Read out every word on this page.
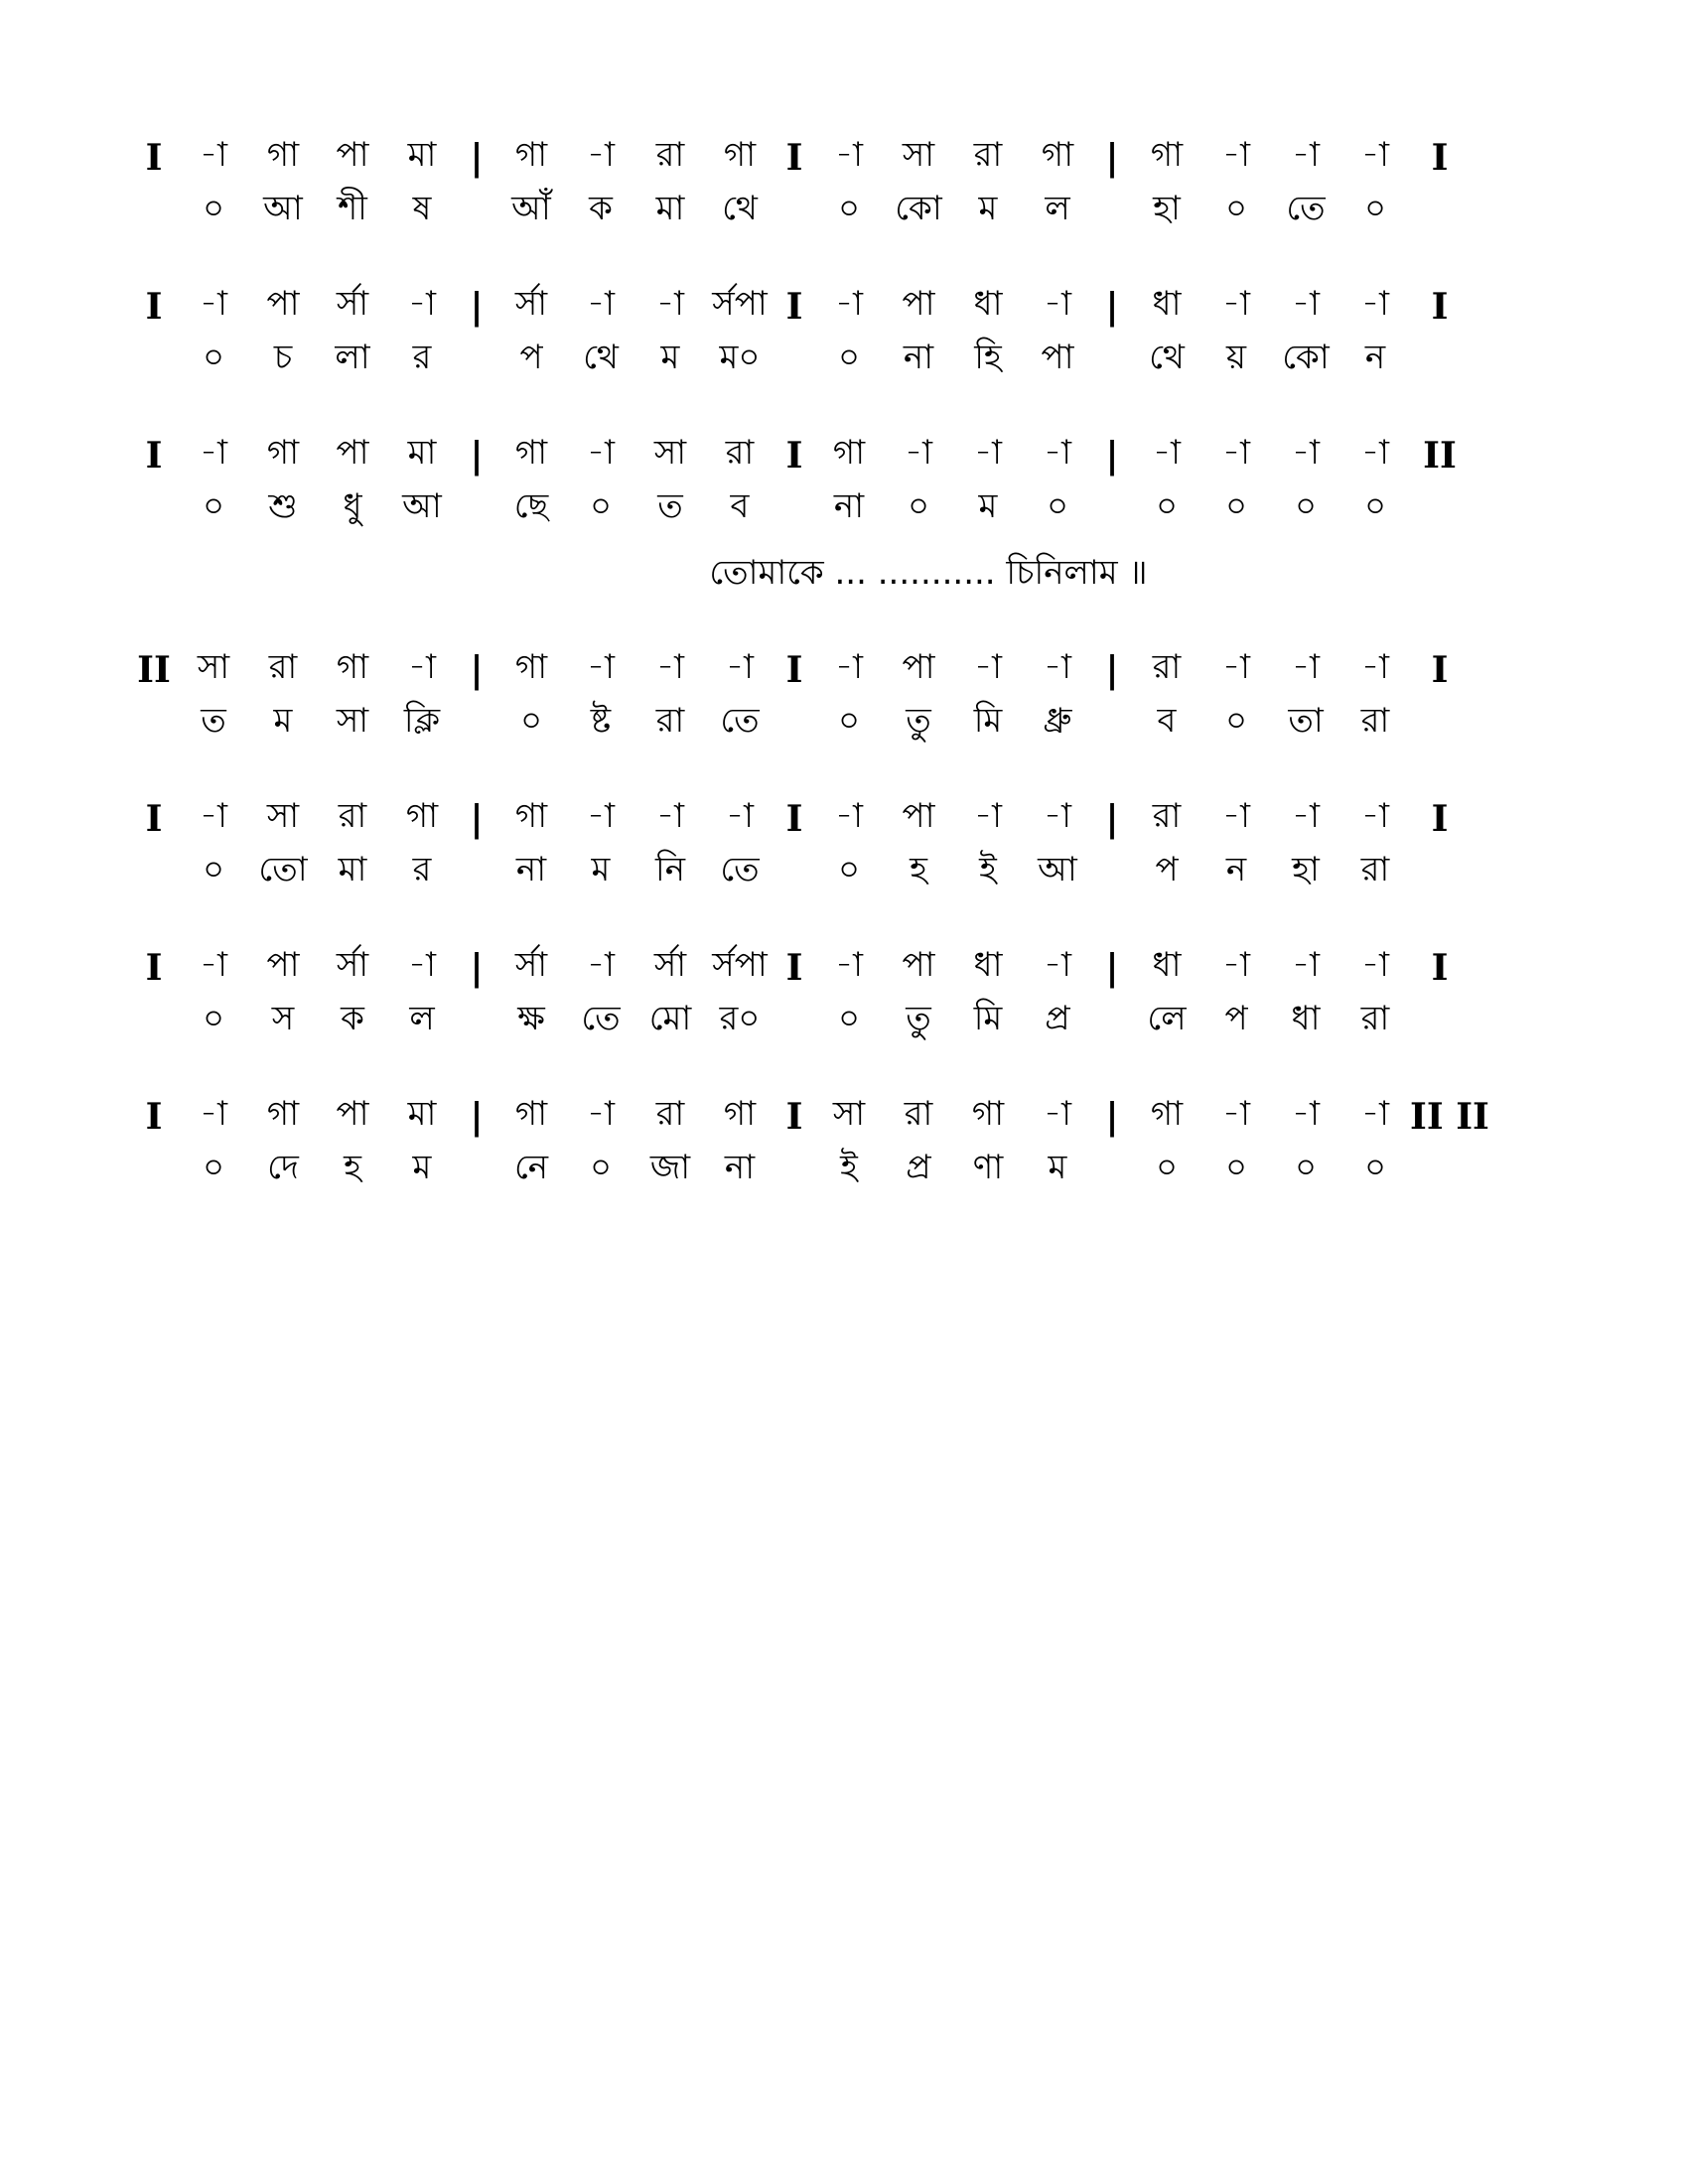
I	-া	গা	পা	মা | গা	-া	রা	গা I -া	সা	রা	গা | গা	-া	-া	-া	I
০	আ	শী	ষ	আঁ	ক	মা	থে	০	কো	ম	ল	হা	০	তে	০
I	-া	পা	র্সা	-া | র্সা	-া	-া র্সপা I -া	পা	ধা	-া | ধা	-া	-া	-া	I
০	চ	লা	র	প	থে	ম	ম০	০	না	হি	পা	থে	য়	কো	ন
I	-া	গা	পা	মা | গা	-া	সা	রা I গা	-া	-া	-া |	-া	-া	-া	-া II
০	শু	ধু	আ	ছে	০	ত	ব	না	০	ম	০	০	০	০	০
তোমাকে ... ........... চিনিলাম ॥
II সা	রা	গা	-া | গা	-া	-া	-া I -া	পা	-া	-া |	রা	-া	-া	-া	I
ত	ম	সা	ক্লি	০	ষ্ট	রা	তে	০	তু	মি	ধ্রু	ব	০	তা	রা
I	-া	সা	রা	গা | গা	-া	-া	-া I -া	পা	-া	-া |	রা	-া	-া	-া	I
০	তো মা	র	না	ম	নি	তে	০	হ	ই	আ	প	ন	হা	রা
I	-া	পা	র্সা	-া | র্সা	-া	র্সা র্সপা I -া	পা	ধা	-া | ধা	-া	-া	-া	I
০	স	ক	ল	ক্ষ	তে মো র০	০	তু	মি	প্র	লে	প	ধা	রা
I	-া	গা	পা	মা | গা	-া	রা	গা I সা	রা	গা	-া | গা	-া	-া	-া II II
০	দে	হ	ম	নে	০	জা	না	ই	প্র	ণা	ম	০	০	০	০
